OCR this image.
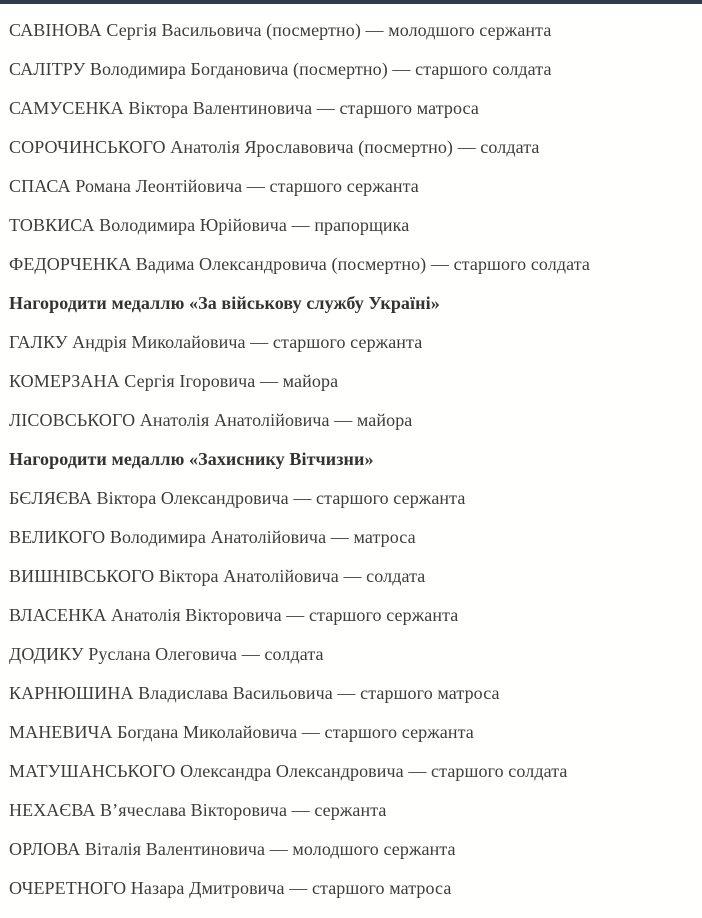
САВІНОВА Сергія Васильовича (посмертно) — молодшого сержанта

САЛІТРУ Володимира Богдановича (посмертно) — старшого солдата

САМУСЕНКА Віктора Валентиновича — старшого матроса

СОРОЧИНСЬКОГО Анатолія Ярославовича (посмертно) — солдата

СПАСА Романа Леонтійовича — старшого сержанта

ТОВКИСА Володимира Юрійовича — прапорщика

ФЕДОРЧЕНКА Вадима Олександровича (посмертно) — старшого солдата

Нагородити медаллю «За військову службу Україні»

ГАЛКУ Андрія Миколайовича — старшого сержанта

КОМЕРЗАНА Сергія Ігоровича — майора

ЛІСОВСЬКОГО Анатолія Анатолійовича — майора

Нагородити медаллю «Захиснику Вітчизни»

БЄЛЯЄВА Віктора Олександровича — старшого сержанта

ВЕЛИКОГО Володимира Анатолійовича — матроса

ВИШНІВСЬКОГО Віктора Анатолійовича — солдата

ВЛАСЕНКА Анатолія Вікторовича — старшого сержанта

ДОДИКУ Руслана Олеговича — солдата

КАРНЮШИНА Владислава Васильовича — старшого матроса

МАНЕВИЧА Богдана Миколайовича — старшого сержанта

МАТУШАНСЬКОГО Олександра Олександровича — старшого солдата

НЕХАЄВА В’ячеслава Вікторовича — сержанта

ОРЛОВА Віталія Валентиновича — молодшого сержанта

ОЧЕРЕТНОГО Назара Дмитровича — старшого матроса
